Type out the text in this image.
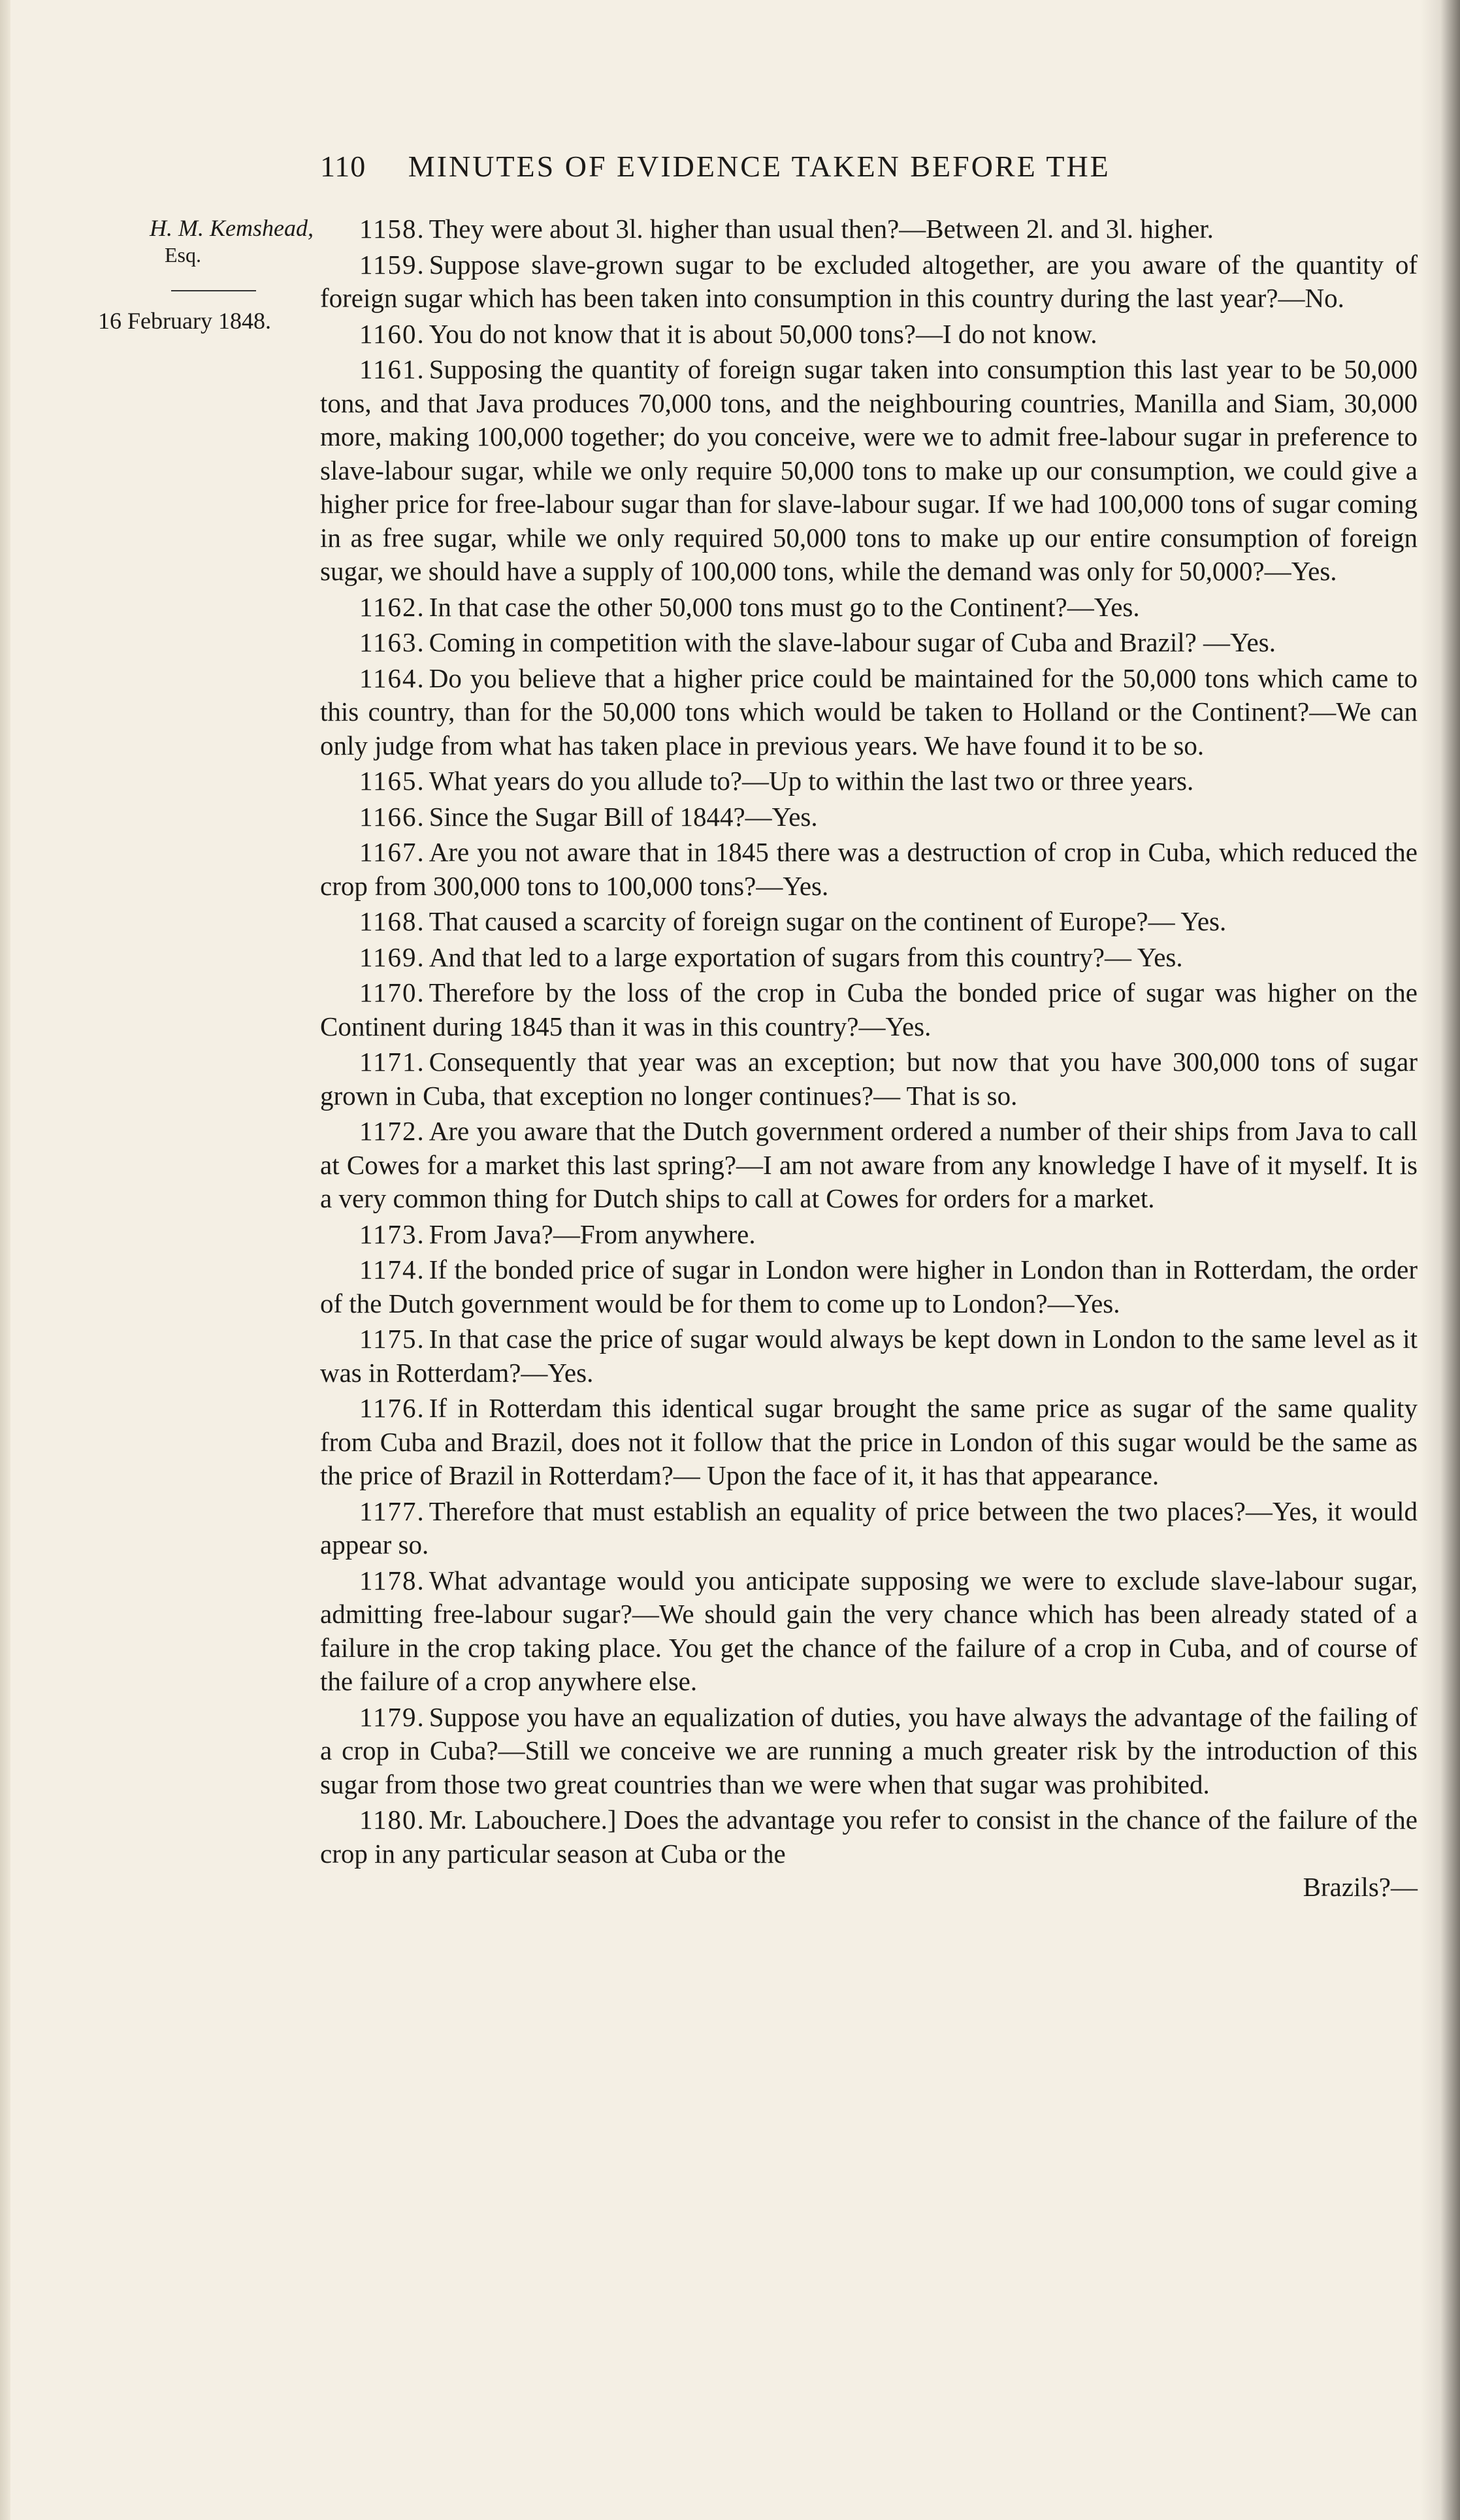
110 MINUTES OF EVIDENCE TAKEN BEFORE THE
H. M. Kemshead,
Esq.
16 February 1848.

1158. They were about 3l. higher than usual then?—Between 2l. and 3l. higher.

1159. Suppose slave-grown sugar to be excluded altogether, are you aware of the quantity of foreign sugar which has been taken into consumption in this country during the last year?—No.

1160. You do not know that it is about 50,000 tons?—I do not know.

1161. Supposing the quantity of foreign sugar taken into consumption this last year to be 50,000 tons, and that Java produces 70,000 tons, and the neighbouring countries, Manilla and Siam, 30,000 more, making 100,000 together; do you conceive, were we to admit free-labour sugar in preference to slave-labour sugar, while we only require 50,000 tons to make up our consumption, we could give a higher price for free-labour sugar than for slave-labour sugar. If we had 100,000 tons of sugar coming in as free sugar, while we only required 50,000 tons to make up our entire consumption of foreign sugar, we should have a supply of 100,000 tons, while the demand was only for 50,000?—Yes.

1162. In that case the other 50,000 tons must go to the Continent?—Yes.

1163. Coming in competition with the slave-labour sugar of Cuba and Brazil? —Yes.

1164. Do you believe that a higher price could be maintained for the 50,000 tons which came to this country, than for the 50,000 tons which would be taken to Holland or the Continent?—We can only judge from what has taken place in previous years. We have found it to be so.

1165. What years do you allude to?—Up to within the last two or three years.

1166. Since the Sugar Bill of 1844?—Yes.

1167. Are you not aware that in 1845 there was a destruction of crop in Cuba, which reduced the crop from 300,000 tons to 100,000 tons?—Yes.

1168. That caused a scarcity of foreign sugar on the continent of Europe?— Yes.

1169. And that led to a large exportation of sugars from this country?— Yes.

1170. Therefore by the loss of the crop in Cuba the bonded price of sugar was higher on the Continent during 1845 than it was in this country?—Yes.

1171. Consequently that year was an exception; but now that you have 300,000 tons of sugar grown in Cuba, that exception no longer continues?— That is so.

1172. Are you aware that the Dutch government ordered a number of their ships from Java to call at Cowes for a market this last spring?—I am not aware from any knowledge I have of it myself. It is a very common thing for Dutch ships to call at Cowes for orders for a market.

1173. From Java?—From anywhere.

1174. If the bonded price of sugar in London were higher in London than in Rotterdam, the order of the Dutch government would be for them to come up to London?—Yes.

1175. In that case the price of sugar would always be kept down in London to the same level as it was in Rotterdam?—Yes.

1176. If in Rotterdam this identical sugar brought the same price as sugar of the same quality from Cuba and Brazil, does not it follow that the price in London of this sugar would be the same as the price of Brazil in Rotterdam?— Upon the face of it, it has that appearance.

1177. Therefore that must establish an equality of price between the two places?—Yes, it would appear so.

1178. What advantage would you anticipate supposing we were to exclude slave-labour sugar, admitting free-labour sugar?—We should gain the very chance which has been already stated of a failure in the crop taking place. You get the chance of the failure of a crop in Cuba, and of course of the failure of a crop anywhere else.

1179. Suppose you have an equalization of duties, you have always the advantage of the failing of a crop in Cuba?—Still we conceive we are running a much greater risk by the introduction of this sugar from those two great countries than we were when that sugar was prohibited.

1180. Mr. Labouchere.] Does the advantage you refer to consist in the chance of the failure of the crop in any particular season at Cuba or the
Brazils?—
